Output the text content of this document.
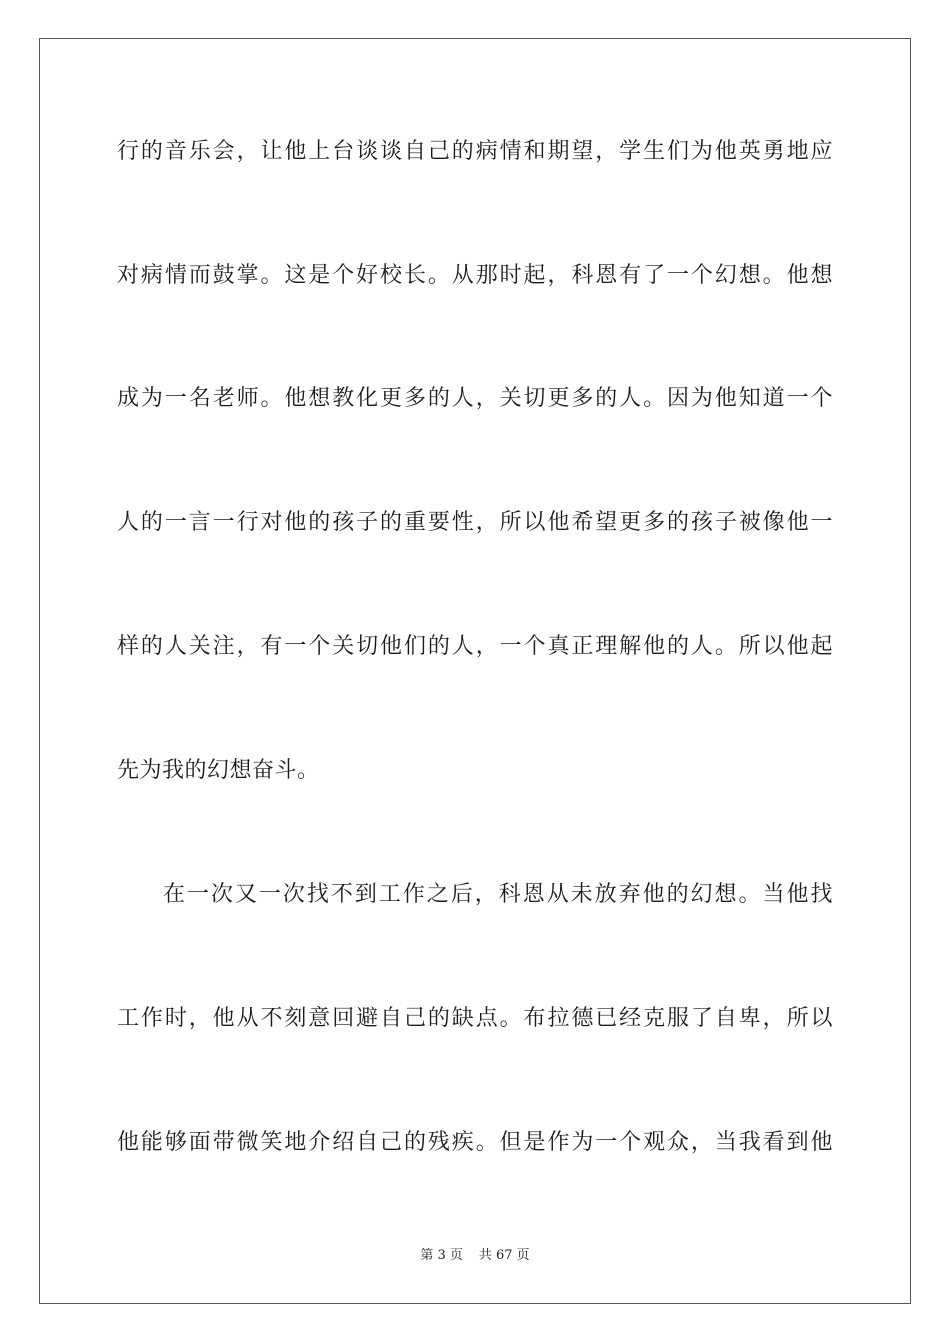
行的音乐会，让他上台谈谈自己的病情和期望，学生们为他英勇地应
对病情而鼓掌。这是个好校长。从那时起，科恩有了一个幻想。他想
成为一名老师。他想教化更多的人，关切更多的人。因为他知道一个
人的一言一行对他的孩子的重要性，所以他希望更多的孩子被像他一
样的人关注，有一个关切他们的人，一个真正理解他的人。所以他起
先为我的幻想奋斗。
在一次又一次找不到工作之后，科恩从未放弃他的幻想。当他找
工作时，他从不刻意回避自己的缺点。布拉德已经克服了自卑，所以
他能够面带微笑地介绍自己的残疾。但是作为一个观众，当我看到他
第 3 页 共 67 页
